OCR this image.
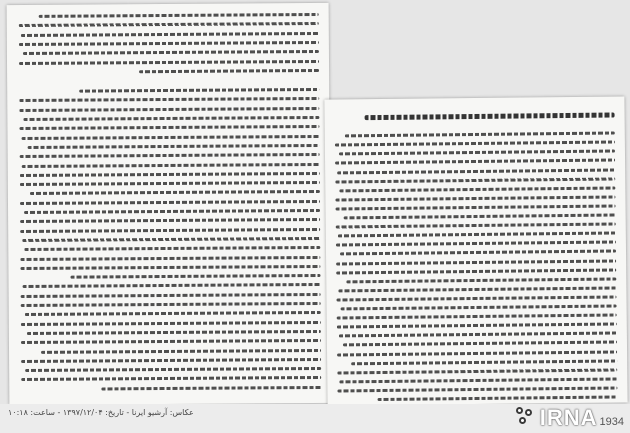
عکاس: آرشیو ایرنا - تاریخ: ۱۳۹۷/۱۲/۰۴ - ساعت: ۱۰:۱۸	IRNA 1934
